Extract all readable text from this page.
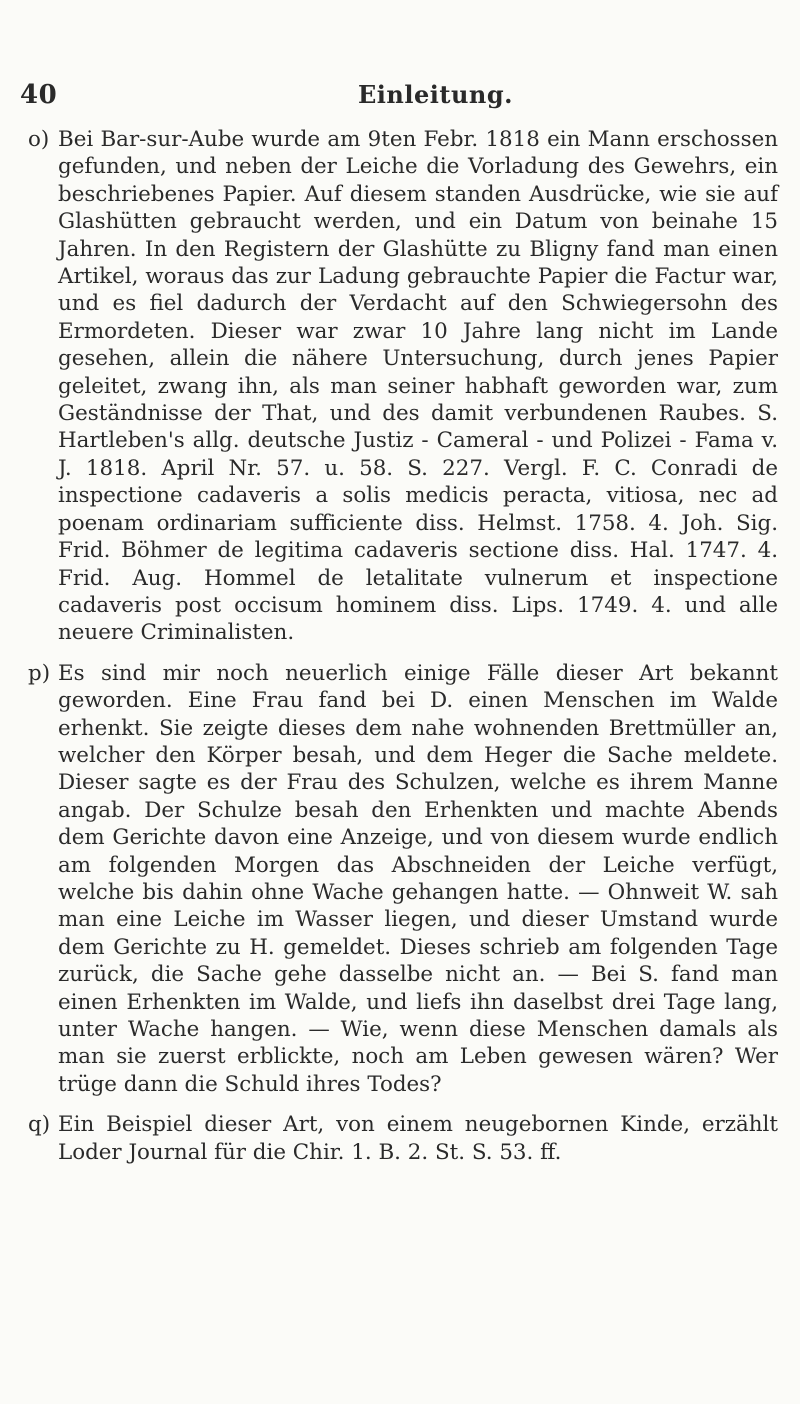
40	Einleitung.
o) Bei Bar-sur-Aube wurde am 9ten Febr. 1818 ein Mann erschossen gefunden, und neben der Leiche die Vorladung des Gewehrs, ein beschriebenes Papier. Auf diesem standen Ausdrücke, wie sie auf Glashütten gebraucht werden, und ein Datum von beinahe 15 Jahren. In den Registern der Glashütte zu Bligny fand man einen Artikel, woraus das zur Ladung gebrauchte Papier die Factur war, und es fiel dadurch der Verdacht auf den Schwiegersohn des Ermordeten. Dieser war zwar 10 Jahre lang nicht im Lande gesehen, allein die nähere Untersuchung, durch jenes Papier geleitet, zwang ihn, als man seiner habhaft geworden war, zum Geständnisse der That, und des damit verbundenen Raubes. S. Hartleben's allg. deutsche Justiz - Cameral - und Polizei - Fama v. J. 1818. April Nr. 57. u. 58. S. 227. Vergl. F. C. Conradi de inspectione cadaveris a solis medicis peracta, vitiosa, nec ad poenam ordinariam sufficiente diss. Helmst. 1758. 4. Joh. Sig. Frid. Böhmer de legitima cadaveris sectione diss. Hal. 1747. 4. Frid. Aug. Hommel de letalitate vulnerum et inspectione cadaveris post occisum hominem diss. Lips. 1749. 4. und alle neuere Criminalisten.
p) Es sind mir noch neuerlich einige Fälle dieser Art bekannt geworden. Eine Frau fand bei D. einen Menschen im Walde erhenkt. Sie zeigte dieses dem nahe wohnenden Brettmüller an, welcher den Körper besah, und dem Heger die Sache meldete. Dieser sagte es der Frau des Schulzen, welche es ihrem Manne angab. Der Schulze besah den Erhenkten und machte Abends dem Gerichte davon eine Anzeige, und von diesem wurde endlich am folgenden Morgen das Abschneiden der Leiche verfügt, welche bis dahin ohne Wache gehangen hatte. — Ohnweit W. sah man eine Leiche im Wasser liegen, und dieser Umstand wurde dem Gerichte zu H. gemeldet. Dieses schrieb am folgenden Tage zurück, die Sache gehe dasselbe nicht an. — Bei S. fand man einen Erhenkten im Walde, und liefs ihn daselbst drei Tage lang, unter Wache hangen. — Wie, wenn diese Menschen damals als man sie zuerst erblickte, noch am Leben gewesen wären? Wer trüge dann die Schuld ihres Todes?
q) Ein Beispiel dieser Art, von einem neugebornen Kinde, erzählt Loder Journal für die Chir. 1. B. 2. St. S. 53. ff.
